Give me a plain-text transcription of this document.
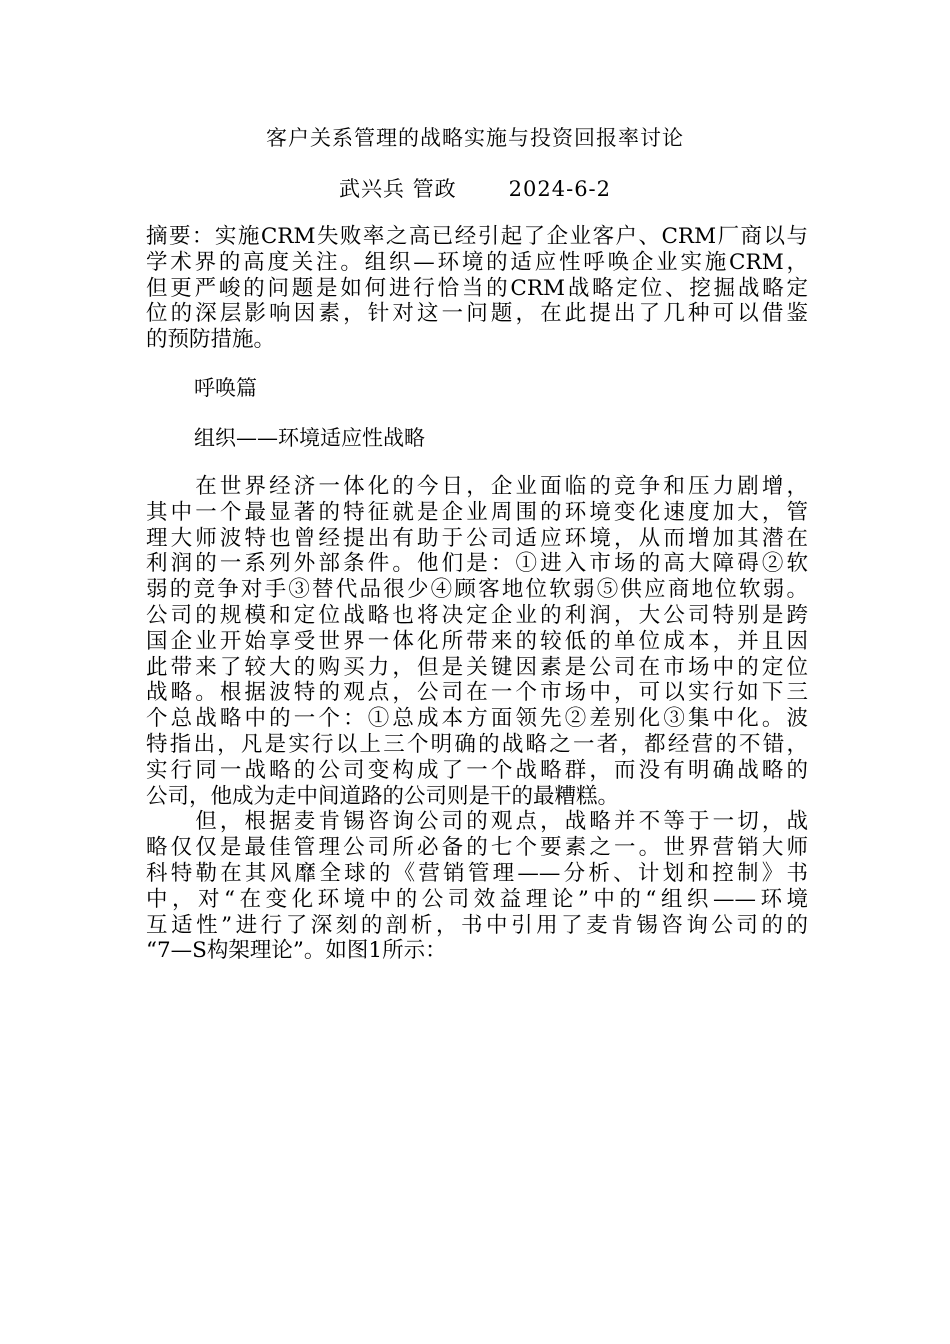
客户关系管理的战略实施与投资回报率讨论
武兴兵 管政 2024-6-2
摘要：实施CRM失败率之高已经引起了企业客户、CRM厂商以与
学术界的高度关注。组织—环境的适应性呼唤企业实施CRM，
但更严峻的问题是如何进行恰当的CRM战略定位、挖掘战略定
位的深层影响因素，针对这一问题，在此提出了几种可以借鉴
的预防措施。
呼唤篇
组织——环境适应性战略
　　在世界经济一体化的今日，企业面临的竞争和压力剧增，
其中一个最显著的特征就是企业周围的环境变化速度加大，管
理大师波特也曾经提出有助于公司适应环境，从而增加其潜在
利润的一系列外部条件。他们是：①进入市场的高大障碍②软
弱的竞争对手③替代品很少④顾客地位软弱⑤供应商地位软弱。
公司的规模和定位战略也将决定企业的利润，大公司特别是跨
国企业开始享受世界一体化所带来的较低的单位成本，并且因
此带来了较大的购买力，但是关键因素是公司在市场中的定位
战略。根据波特的观点，公司在一个市场中，可以实行如下三
个总战略中的一个：①总成本方面领先②差别化③集中化。波
特指出，凡是实行以上三个明确的战略之一者，都经营的不错，
实行同一战略的公司变构成了一个战略群，而没有明确战略的
公司，他成为走中间道路的公司则是干的最糟糕。
　　但，根据麦肯锡咨询公司的观点，战略并不等于一切，战
略仅仅是最佳管理公司所必备的七个要素之一。世界营销大师
科特勒在其风靡全球的《营销管理——分析、计划和控制》书
中，对“在变化环境中的公司效益理论”中的“组织——环境
互适性”进行了深刻的剖析，书中引用了麦肯锡咨询公司的的
“7—S构架理论”。如图1所示：
